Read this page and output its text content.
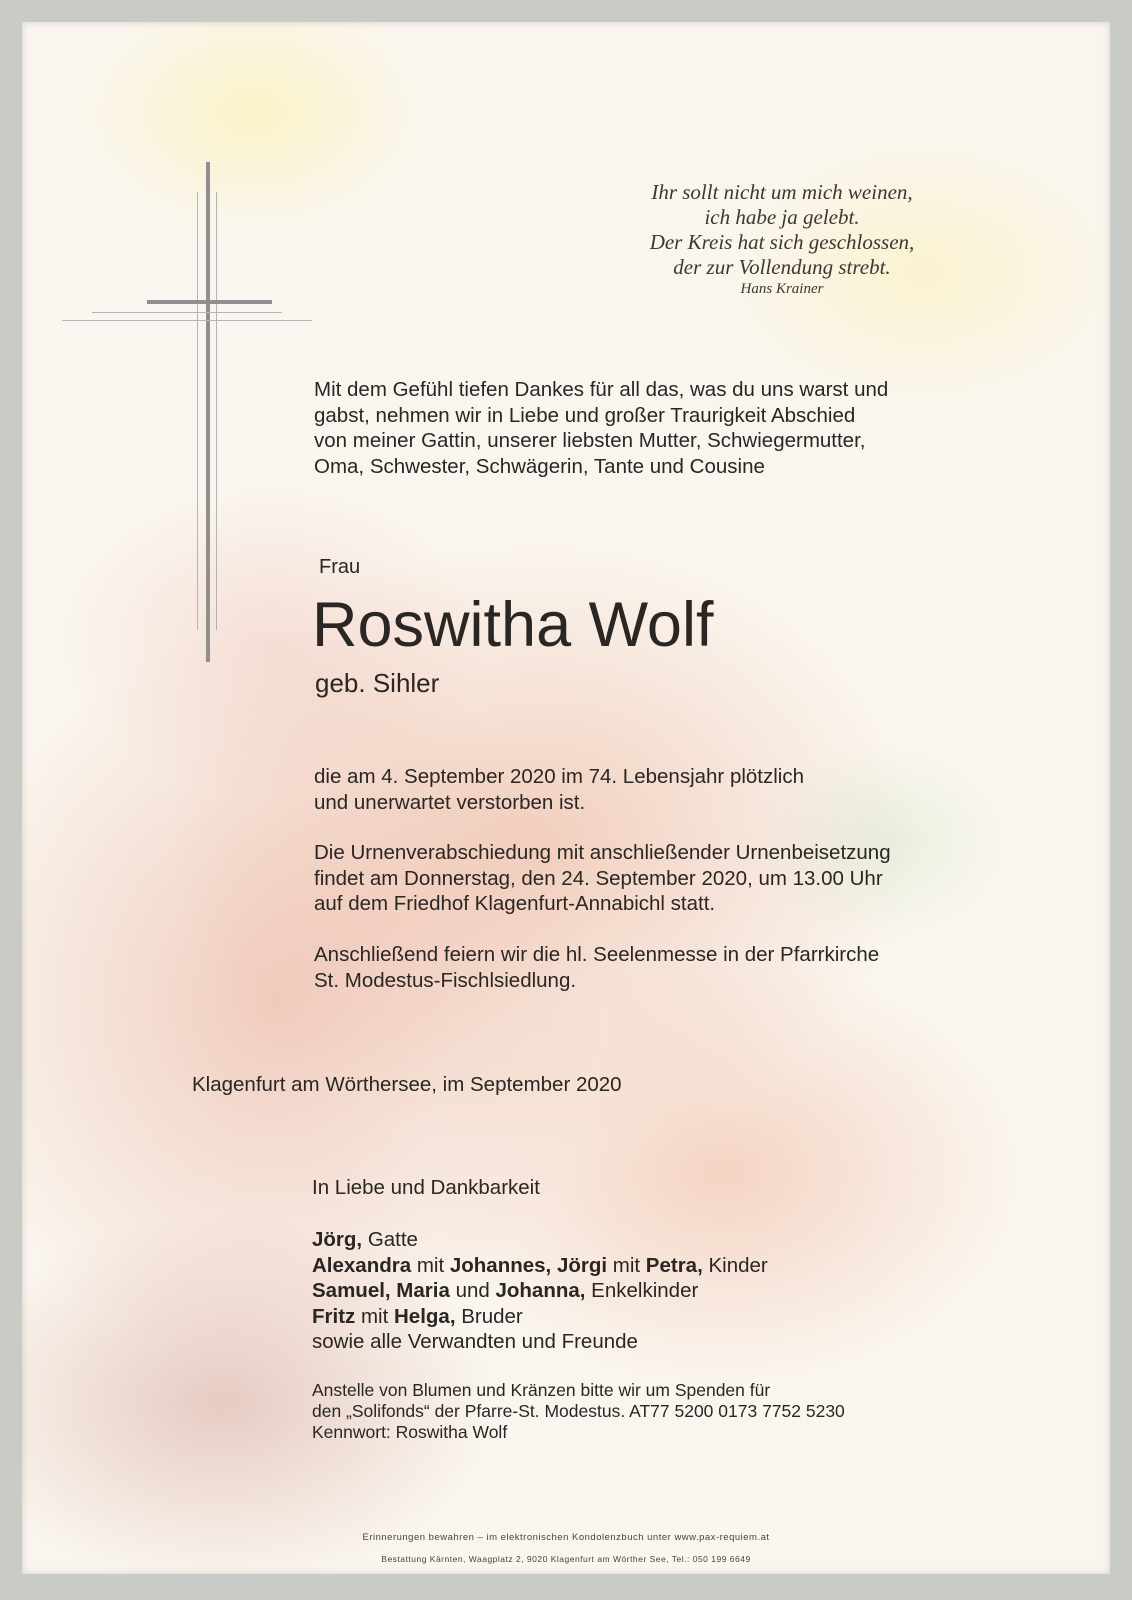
Ihr sollt nicht um mich weinen,
ich habe ja gelebt.
Der Kreis hat sich geschlossen,
der zur Vollendung strebt.
Hans Krainer
Mit dem Gefühl tiefen Dankes für all das, was du uns warst und
gabst, nehmen wir in Liebe und großer Traurigkeit Abschied
von meiner Gattin, unserer liebsten Mutter, Schwiegermutter,
Oma, Schwester, Schwägerin, Tante und Cousine
Frau
Roswitha Wolf
geb. Sihler
die am 4. September 2020 im 74. Lebensjahr plötzlich
und unerwartet verstorben ist.
Die Urnenverabschiedung mit anschließender Urnenbeisetzung
findet am Donnerstag, den 24. September 2020, um 13.00 Uhr
auf dem Friedhof Klagenfurt-Annabichl statt.
Anschließend feiern wir die hl. Seelenmesse in der Pfarrkirche
St. Modestus-Fischlsiedlung.
Klagenfurt am Wörthersee, im September 2020
In Liebe und Dankbarkeit
Jörg, Gatte
Alexandra mit Johannes, Jörgi mit Petra, Kinder
Samuel, Maria und Johanna, Enkelkinder
Fritz mit Helga, Bruder
sowie alle Verwandten und Freunde
Anstelle von Blumen und Kränzen bitte wir um Spenden für
den „Solifonds“ der Pfarre-St. Modestus. AT77 5200 0173 7752 5230
Kennwort: Roswitha Wolf
Erinnerungen bewahren – im elektronischen Kondolenzbuch unter www.pax-requiem.at
Bestattung Kärnten, Waagplatz 2, 9020 Klagenfurt am Wörther See, Tel.: 050 199 6649
